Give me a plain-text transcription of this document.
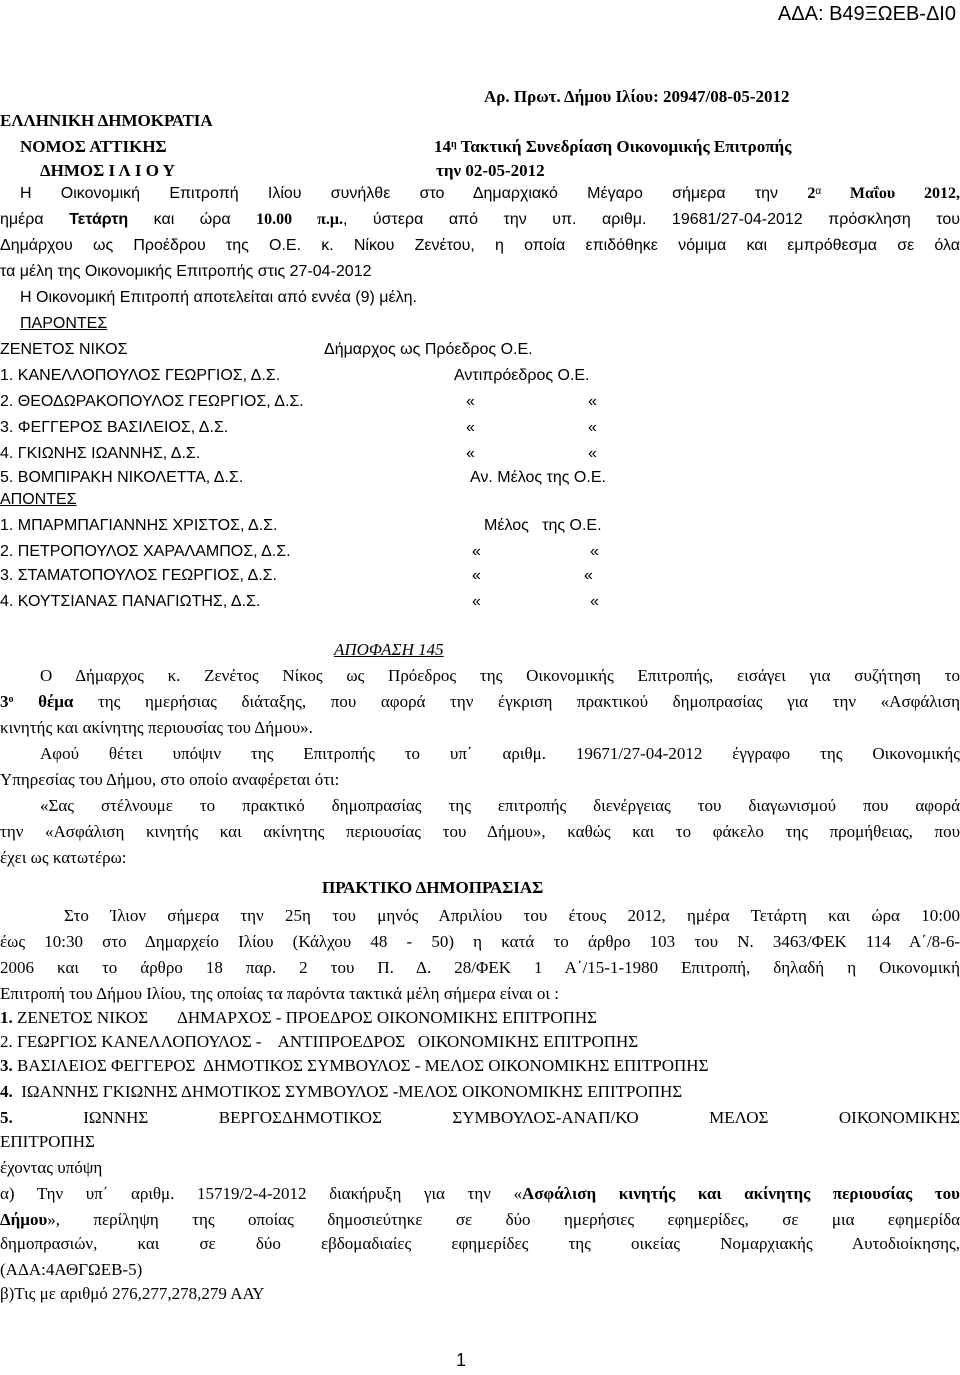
ΑΔΑ: Β49ΞΩΕΒ-ΔΙ0
Αρ. Πρωτ. Δήμου Ιλίου: 20947/08-05-2012
ΕΛΛΗΝΙΚΗ ΔΗΜΟΚΡΑΤΙΑ
ΝΟΜΟΣ ΑΤΤΙΚΗΣ	$14^\eta$ Τακτική Συνεδρίαση Οικονομικής Επιτροπής
ΔΗΜΟΣ Ι Λ Ι Ο Υ	την 02-05-2012
Η Οικονομική Επιτροπή Ιλίου συνήλθε στο Δημαρχιακό Μέγαρο σήμερα την $2^\alpha$ Μαΐου 2012,
ημέρα Τετάρτη και ώρα 10.00 π.μ., ύστερα από την υπ. αριθμ. 19681/27-04-2012 πρόσκληση του
Δημάρχου ως Προέδρου της Ο.Ε. κ. Νίκου Ζενέτου, η οποία επιδόθηκε νόμιμα και εμπρόθεσμα σε όλα
τα μέλη της Οικονομικής Επιτροπής στις 27-04-2012
Η Οικονομική Επιτροπή αποτελείται από εννέα (9) μέλη.
ΠΑΡΟΝΤΕΣ
ΖΕΝΕΤΟΣ ΝΙΚΟΣ	Δήμαρχος ως Πρόεδρος Ο.Ε.
1. ΚΑΝΕΛΛΟΠΟΥΛΟΣ ΓΕΩΡΓΙΟΣ, Δ.Σ.	Αντιπρόεδρος Ο.Ε.
2. ΘΕΟΔΩΡΑΚΟΠΟΥΛΟΣ ΓΕΩΡΓΙΟΣ, Δ.Σ.	«	«
3. ΦΕΓΓΕΡΟΣ ΒΑΣΙΛΕΙΟΣ, Δ.Σ.	«	«
4. ΓΚΙΩΝΗΣ ΙΩΑΝΝΗΣ, Δ.Σ.	«	«
5. ΒΟΜΠΙΡΑΚΗ ΝΙΚΟΛΕΤΤΑ, Δ.Σ.	Αν. Μέλος της Ο.Ε.
ΑΠΟΝΤΕΣ
1. ΜΠΑΡΜΠΑΓΙΑΝΝΗΣ ΧΡΙΣΤΟΣ, Δ.Σ.	Μέλος   της Ο.Ε.
2. ΠΕΤΡΟΠΟΥΛΟΣ ΧΑΡΑΛΑΜΠΟΣ, Δ.Σ.	«	«
3. ΣΤΑΜΑΤΟΠΟΥΛΟΣ ΓΕΩΡΓΙΟΣ, Δ.Σ.	«	«
4. ΚΟΥΤΣΙΑΝΑΣ ΠΑΝΑΓΙΩΤΗΣ, Δ.Σ.	«	«
ΑΠΟΦΑΣΗ 145
Ο Δήμαρχος κ. Ζενέτος Νίκος ως Πρόεδρος της Οικονομικής Επιτροπής, εισάγει για συζήτηση το
$3^o$ θέμα της ημερήσιας διάταξης, που αφορά την έγκριση πρακτικού δημοπρασίας για την «Ασφάλιση
κινητής και ακίνητης περιουσίας του Δήμου».
Αφού θέτει υπόψιν της Επιτροπής το υπ΄ αριθμ. 19671/27-04-2012 έγγραφο της Οικονομικής
Υπηρεσίας του Δήμου, στο οποίο αναφέρεται ότι:
«Σας στέλνουμε το πρακτικό δημοπρασίας της επιτροπής διενέργειας του διαγωνισμού που αφορά
την «Ασφάλιση κινητής και ακίνητης περιουσίας του Δήμου», καθώς και το φάκελο της προμήθειας, που
έχει ως κατωτέρω:
ΠΡΑΚΤΙΚΟ ΔΗΜΟΠΡΑΣΙΑΣ
Στο Ίλιον σήμερα την 25η του μηνός Απριλίου του έτους 2012, ημέρα Τετάρτη και ώρα 10:00
έως 10:30 στο Δημαρχείο Ιλίου (Κάλχου 48 - 50) η κατά το άρθρο 103 του Ν. 3463/ΦΕΚ 114 Α΄/8-6-
2006 και το άρθρο 18 παρ. 2 του Π. Δ. 28/ΦΕΚ 1 Α΄/15-1-1980 Επιτροπή, δηλαδή η Οικονομική
Επιτροπή του Δήμου Ιλίου, της οποίας τα παρόντα τακτικά μέλη σήμερα είναι οι :
1. ΖΕΝΕΤΟΣ ΝΙΚΟΣ       ΔΗΜΑΡΧΟΣ - ΠΡΟΕΔΡΟΣ ΟΙΚΟΝΟΜΙΚΗΣ ΕΠΙΤΡΟΠΗΣ
2. ΓΕΩΡΓΙΟΣ ΚΑΝΕΛΛΟΠΟΥΛΟΣ -    ΑΝΤΙΠΡΟΕΔΡΟΣ   ΟΙΚΟΝΟΜΙΚΗΣ ΕΠΙΤΡΟΠΗΣ
3. ΒΑΣΙΛΕΙΟΣ ΦΕΓΓΕΡΟΣ  ΔΗΜΟΤΙΚΟΣ ΣΥΜΒΟΥΛΟΣ - ΜΕΛΟΣ ΟΙΚΟΝΟΜΙΚΗΣ ΕΠΙΤΡΟΠΗΣ
4.  ΙΩΑΝΝΗΣ ΓΚΙΩΝΗΣ ΔΗΜΟΤΙΚΟΣ ΣΥΜΒΟΥΛΟΣ -ΜΕΛΟΣ ΟΙΚΟΝΟΜΙΚΗΣ ΕΠΙΤΡΟΠΗΣ
5. ΙΩΝΝΗΣ ΒΕΡΓΟΣΔΗΜΟΤΙΚΟΣ ΣΥΜΒΟΥΛΟΣ-ΑΝΑΠ/ΚΟ ΜΕΛΟΣ ΟΙΚΟΝΟΜΙΚΗΣ
ΕΠΙΤΡΟΠΗΣ
έχοντας υπόψη
α) Την υπ΄ αριθμ. 15719/2-4-2012 διακήρυξη για την «Ασφάλιση κινητής και ακίνητης περιουσίας του
Δήμου», περίληψη της οποίας δημοσιεύτηκε σε δύο ημερήσιες εφημερίδες, σε μια εφημερίδα
δημοπρασιών, και σε δύο εβδομαδιαίες εφημερίδες της οικείας Νομαρχιακής Αυτοδιοίκησης,
(ΑΔΑ:4ΑΘΓΩΕΒ-5)
β)Τις με αριθμό 276,277,278,279 ΑΑΥ
1
